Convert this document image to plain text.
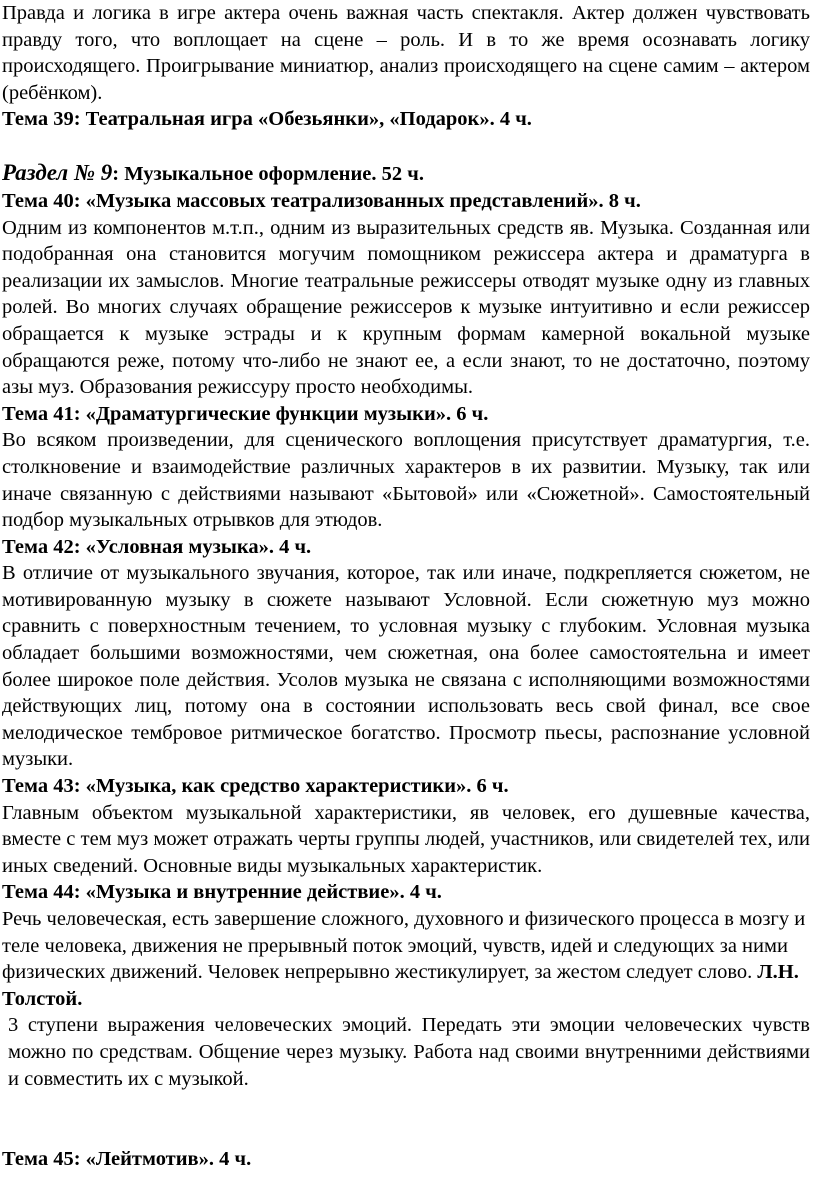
Правда и логика в игре актера очень важная часть спектакля. Актер должен чувствовать правду того, что воплощает на сцене – роль. И в то же время осознавать логику происходящего. Проигрывание миниатюр, анализ происходящего на сцене самим – актером (ребёнком).

Тема 39: Театральная игра «Обезьянки», «Подарок». 4 ч.
Раздел № 9: Музыкальное оформление. 52 ч.
Тема 40: «Музыка массовых театрализованных представлений». 8 ч.

Одним из компонентов м.т.п., одним из выразительных средств яв. Музыка. Созданная или подобранная она становится могучим помощником режиссера актера и драматурга в реализации их замыслов. Многие театральные режиссеры отводят музыке одну из главных ролей. Во многих случаях обращение режиссеров к музыке интуитивно и если режиссер обращается к музыке эстрады и к крупным формам камерной вокальной музыке обращаются реже, потому что-либо не знают ее, а если знают, то не достаточно, поэтому азы муз. Образования режиссуру просто необходимы.

Тема 41: «Драматургические функции музыки». 6 ч.

Во всяком произведении, для сценического воплощения присутствует драматургия, т.е. столкновение и взаимодействие различных характеров в их развитии. Музыку, так или иначе связанную с действиями называют «Бытовой» или «Сюжетной». Самостоятельный подбор музыкальных отрывков для этюдов.

Тема 42: «Условная музыка». 4 ч.

В отличие от музыкального звучания, которое, так или иначе, подкрепляется сюжетом, не мотивированную музыку в сюжете называют Условной. Если сюжетную муз можно сравнить с поверхностным течением, то условная музыку с глубоким. Условная музыка обладает большими возможностями, чем сюжетная, она более самостоятельна и имеет более широкое поле действия. Усолов музыка не связана с исполняющими возможностями действующих лиц, потому она в состоянии использовать весь свой финал, все свое мелодическое тембровое ритмическое богатство. Просмотр пьесы, распознание условной музыки.

Тема 43: «Музыка, как средство характеристики». 6 ч.

Главным объектом музыкальной характеристики, яв человек, его душевные качества, вместе с тем муз может отражать черты группы людей, участников, или свидетелей тех, или иных сведений. Основные виды музыкальных характеристик.

Тема 44: «Музыка и внутренние действие». 4 ч.

Речь человеческая, есть завершение сложного, духовного и физического процесса в мозгу и теле человека, движения не прерывный поток эмоций, чувств, идей и следующих за ними физических движений. Человек непрерывно жестикулирует, за жестом следует слово. Л.Н. Толстой.

3 ступени выражения человеческих эмоций. Передать эти эмоции человеческих чувств можно по средствам. Общение через музыку. Работа над своими внутренними действиями и совместить их с музыкой.

Тема 45: «Лейтмотив». 4 ч.
